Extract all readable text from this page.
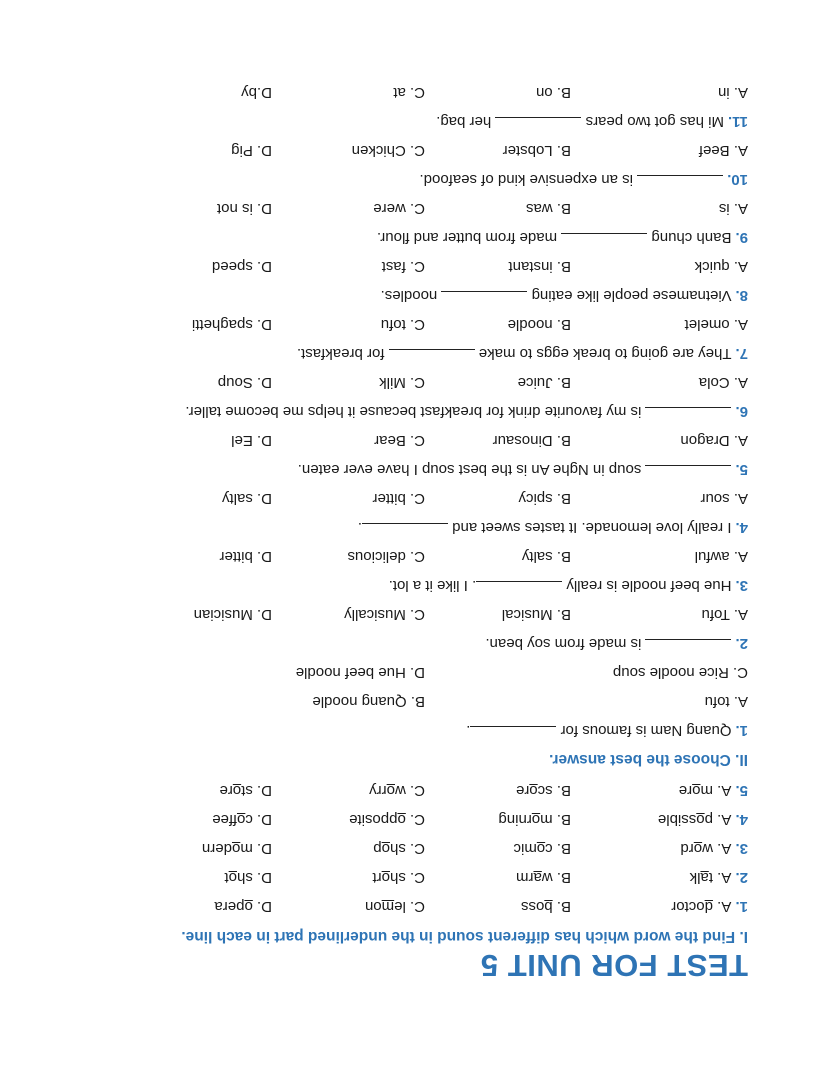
TEST FOR UNIT 5
I. Find the word which has different sound in the underlined part in each line.
1. A. doctor
B. boss
C. lemon
D. opera
2. A. talk
B. warm
C. short
D. shot
3. A. word
B. comic
C. shop
D. modern
4. A. possible
B. morning
C. opposite
D. coffee
5. A. more
B. score
C. worry
D. store
II. Choose the best answer.
1.Quang Nam is famous for .
A. tofu
B. Quang noodle
C. Rice noodle soup
D. Hue beef noodle
2. is made from soy bean.
A. Tofu
B. Musical
C. Musically
D. Musician
3.Hue beef noodle is really . I like it a lot.
A. awful
B. salty
C. delicious
D. bitter
4.I really love lemonade. It tastes sweet and .
A. sour
B. spicy
C. bitter
D. salty
5. soup in Nghe An is the best soup I have ever eaten.
A. Dragon
B. Dinosaur
C. Bear
D. Eel
6. is my favourite drink for breakfast because it helps me become taller.
A. Cola
B. Juice
C. Milk
D. Soup
7.They are going to break eggs to make  for breakfast.
A. omelet
B. noodle
C. tofu
D. spaghetti
8.Vietnamese people like eating  noodles.
A. quick
B. instant
C. fast
D. speed
9.Banh chung  made from butter and flour.
A. is
B. was
C. were
D. is not
10. is an expensive kind of seafood.
A. Beef
B. Lobster
C. Chicken
D. Pig
11.Mi has got two pears  her bag.
A. in
B. on
C. at
D.by
